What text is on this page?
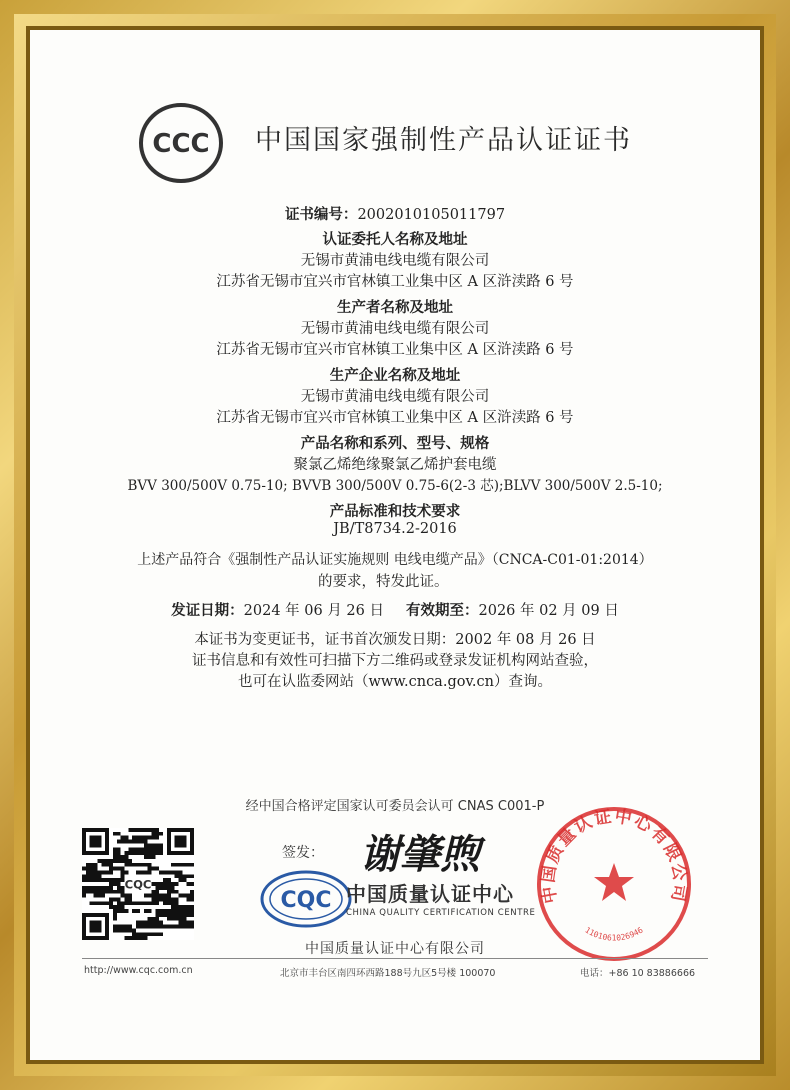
CCC 中国国家强制性产品认证证书
证书编号：2002010105011797
认证委托人名称及地址
无锡市黄浦电线电缆有限公司
江苏省无锡市宜兴市官林镇工业集中区 A 区浒渎路 6 号
生产者名称及地址
无锡市黄浦电线电缆有限公司
江苏省无锡市宜兴市官林镇工业集中区 A 区浒渎路 6 号
生产企业名称及地址
无锡市黄浦电线电缆有限公司
江苏省无锡市宜兴市官林镇工业集中区 A 区浒渎路 6 号
产品名称和系列、型号、规格
聚氯乙烯绝缘聚氯乙烯护套电缆
BVV 300/500V 0.75-10; BVVB 300/500V 0.75-6(2-3 芯);BLVV 300/500V 2.5-10;
产品标准和技术要求
JB/T8734.2-2016
上述产品符合《强制性产品认证实施规则 电线电缆产品》（CNCA-C01-01:2014）
的要求，特发此证。
发证日期：2024 年 06 月 26 日 有效期至：2026 年 02 月 09 日
本证书为变更证书，证书首次颁发日期：2002 年 08 月 26 日
证书信息和有效性可扫描下方二维码或登录发证机构网站查验，
也可在认监委网站（www.cnca.gov.cn）查询。
经中国合格评定国家认可委员会认可 CNAS C001-P
CQC
签发： 谢肇煦
CQC 中国质量认证中心
CHINA QUALITY CERTIFICATION CENTRE
中国质量认证中心有限公司
1101061026946
中国质量认证中心有限公司
http://www.cqc.com.cn	北京市丰台区南四环西路188号九区5号楼 100070	电话：+86 10 83886666
